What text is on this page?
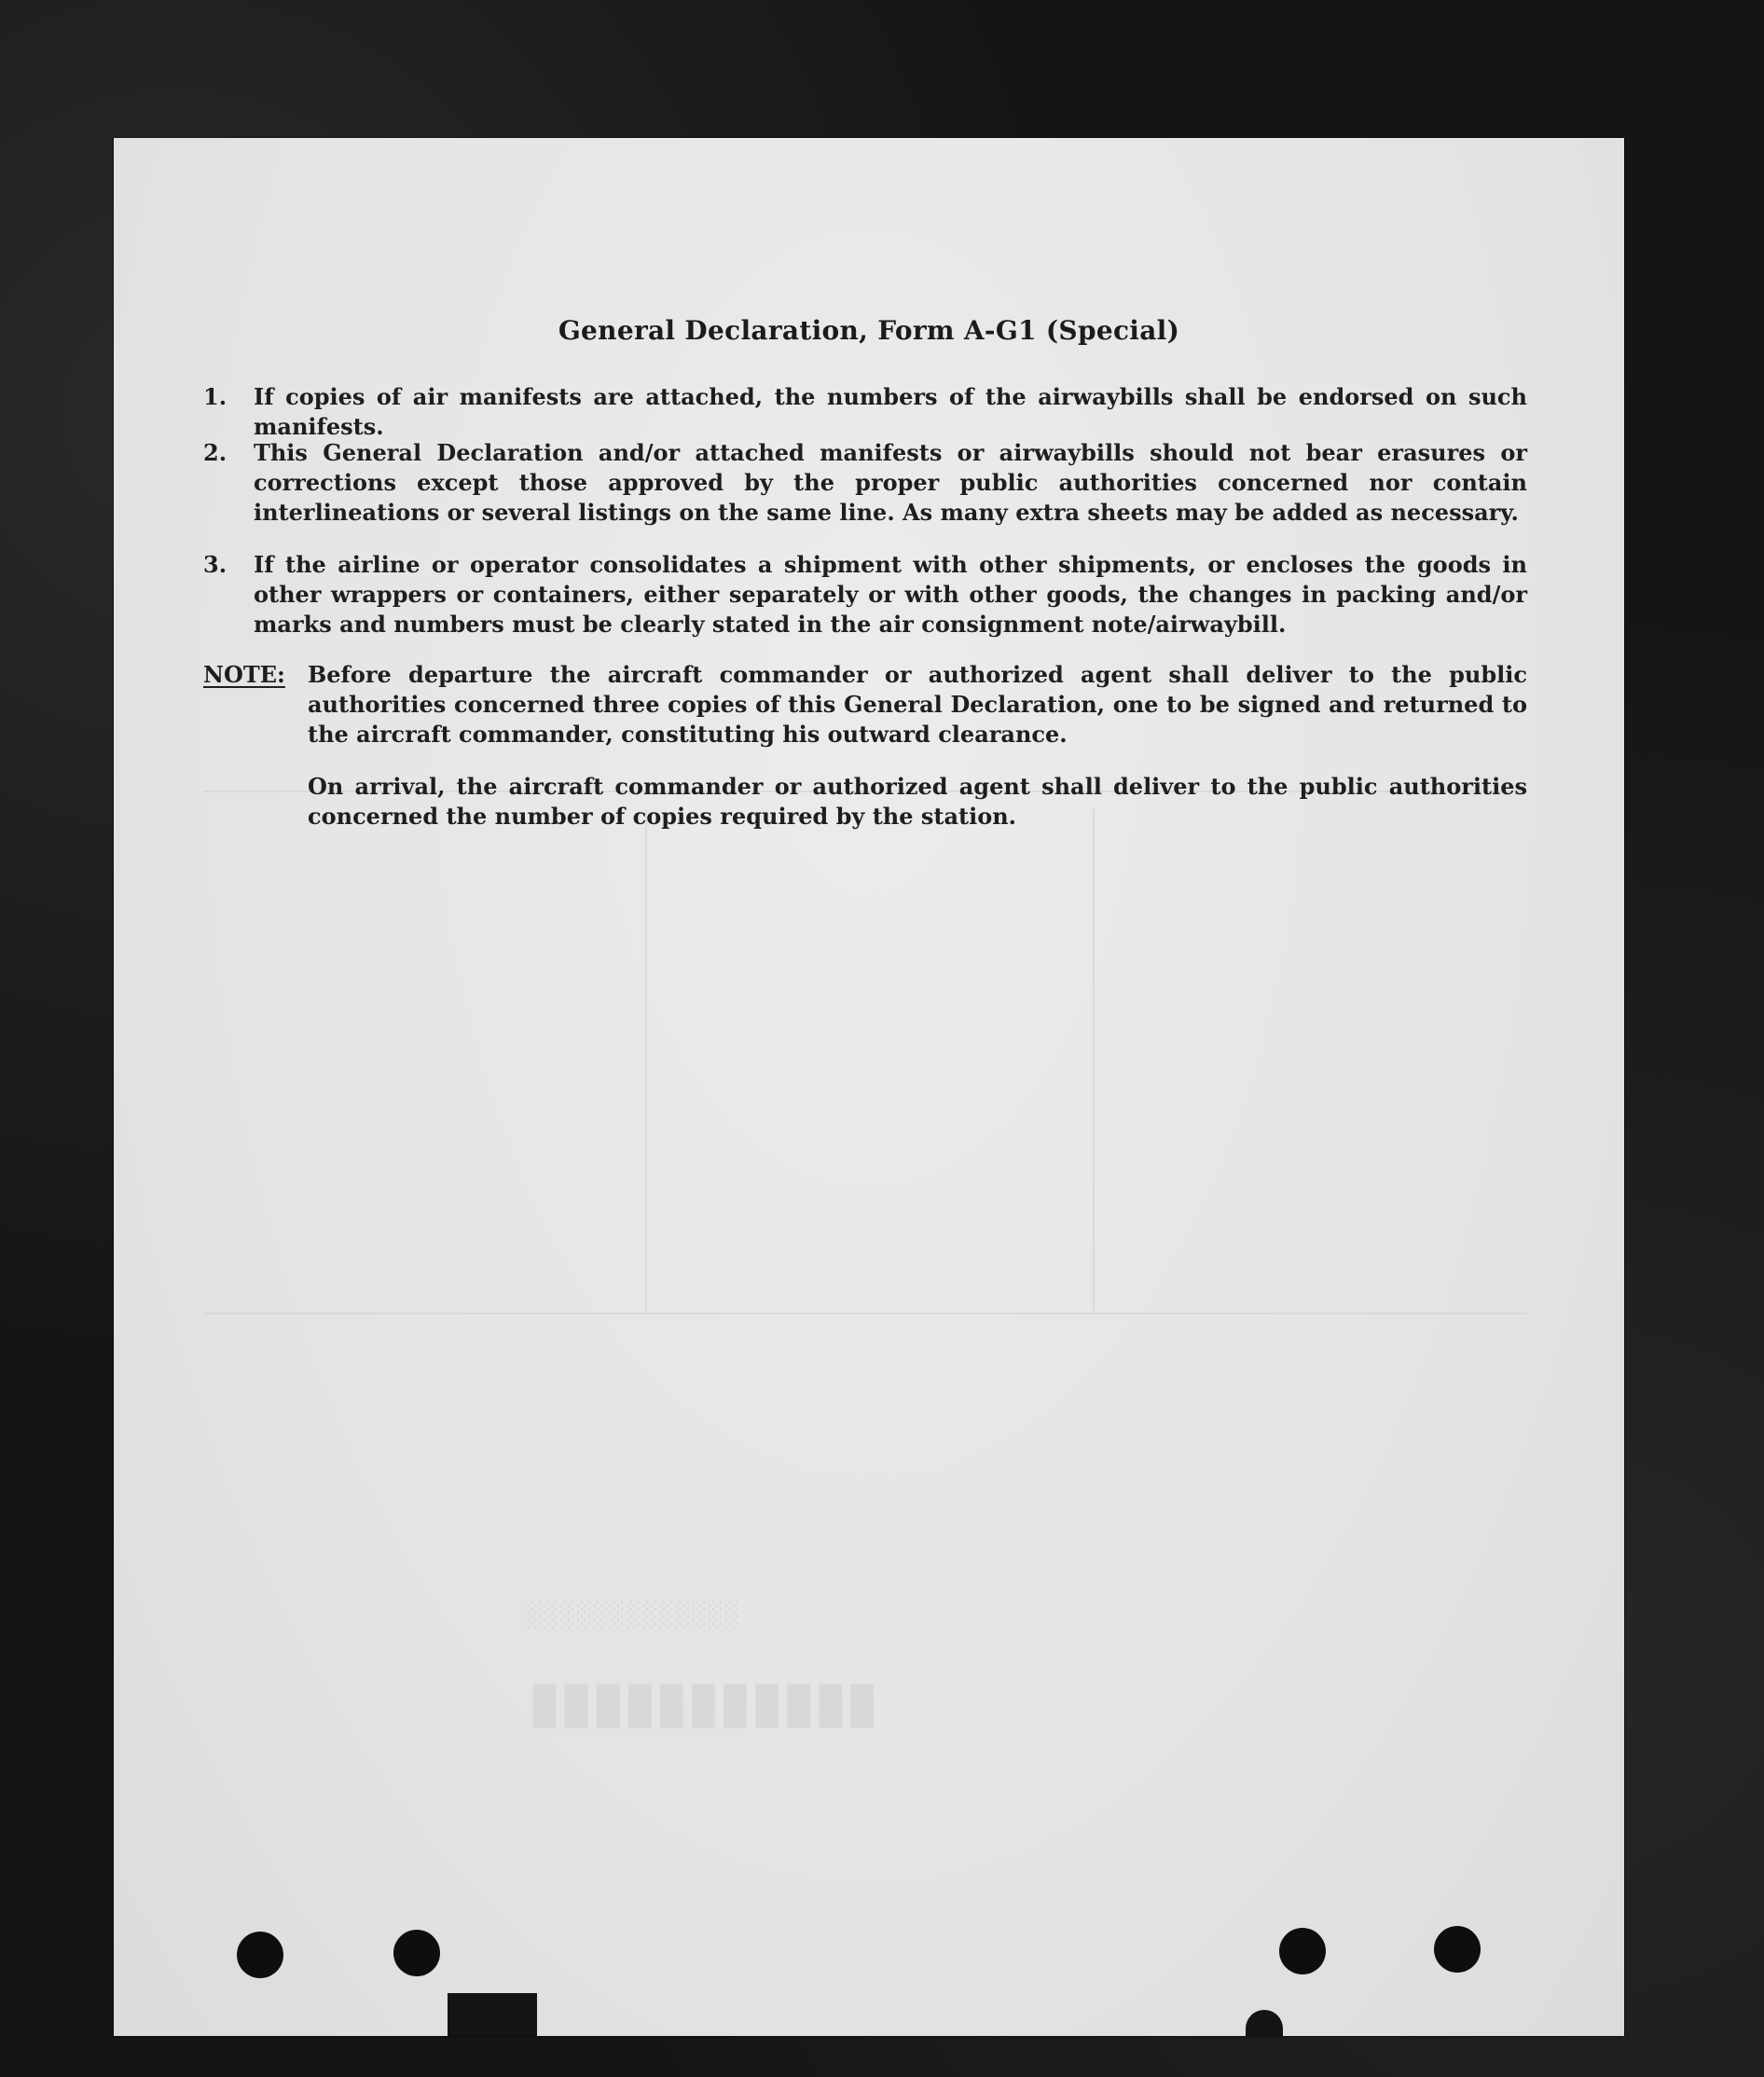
███████████
░░░░░░░░░░░░░
General Declaration, Form A-G1 (Special)
1.	If copies of air manifests are attached, the numbers of the airwaybills shall be endorsed on such manifests.
2.	This General Declaration and/or attached manifests or airwaybills should not bear erasures or corrections except those approved by the proper public authorities concerned nor contain interlineations or several listings on the same line. As many extra sheets may be added as necessary.
3.	If the airline or operator consolidates a shipment with other shipments, or encloses the goods in other wrappers or containers, either separately or with other goods, the changes in packing and/or marks and numbers must be clearly stated in the air consignment note/airwaybill.
NOTE: Before departure the aircraft commander or authorized agent shall deliver to the public authorities concerned three copies of this General Declaration, one to be signed and returned to the aircraft commander, constituting his outward clearance.
On arrival, the aircraft commander or authorized agent shall deliver to the public authorities concerned the number of copies required by the station.
